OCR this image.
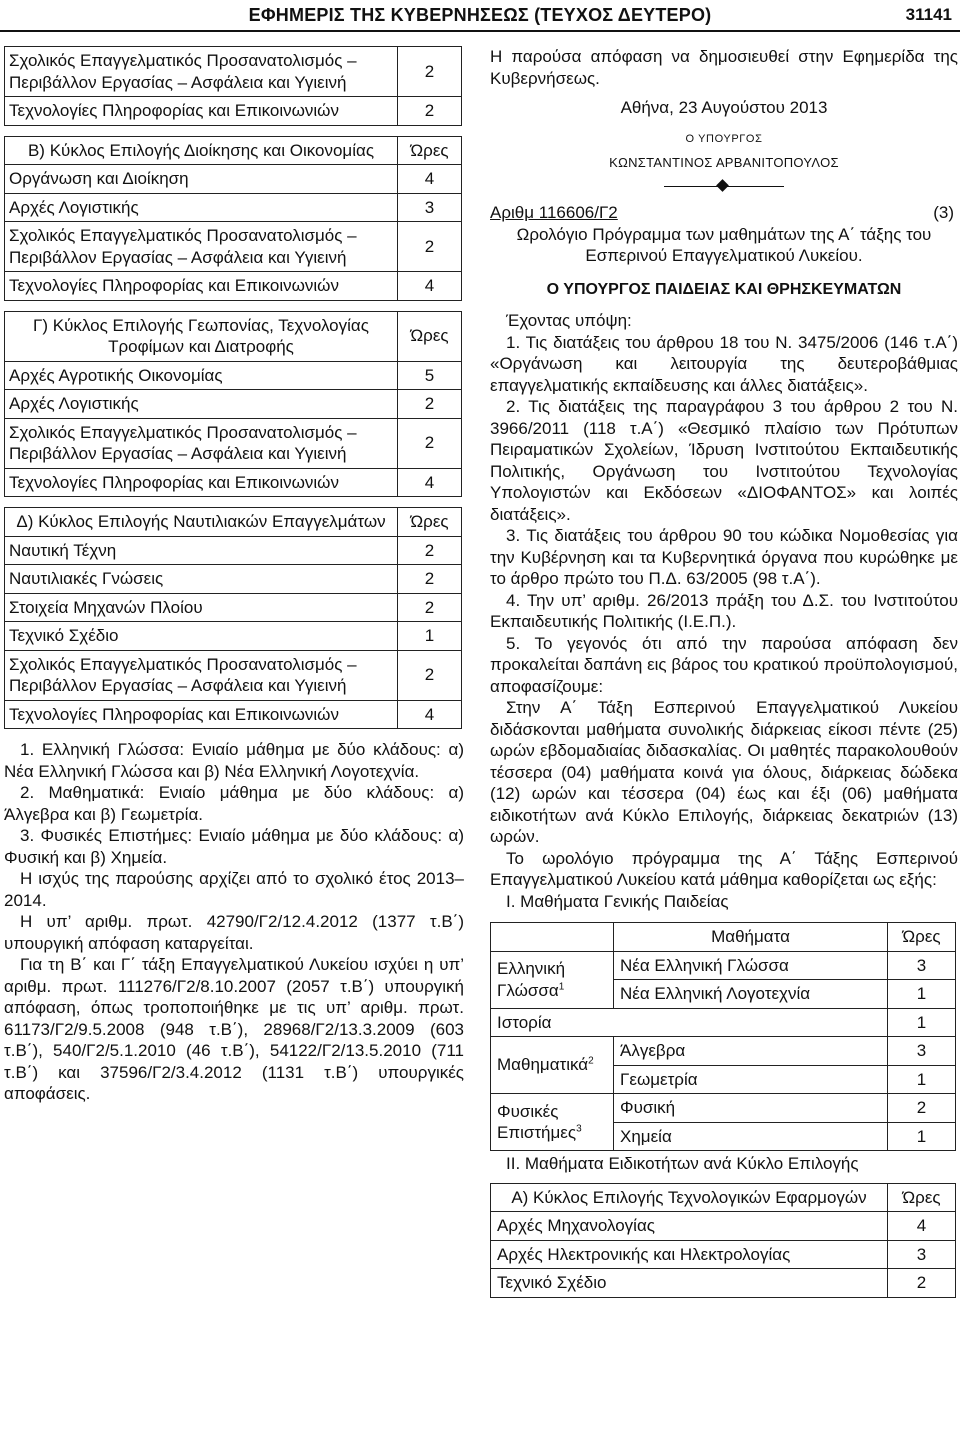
ΕΦΗΜΕΡΙΣ ΤΗΣ ΚΥΒΕΡΝΗΣΕΩΣ (ΤΕΥΧΟΣ ΔΕΥΤΕΡΟ)	31141
Σχολικός Επαγγελματικός Προσανατολισμός – Περιβάλλον Εργασίας – Ασφάλεια και Υγιεινή	2
Τεχνολογίες Πληροφορίας και Επικοινωνιών	2
Β) Κύκλος Επιλογής Διοίκησης και Οικονομίας	Ώρες
Οργάνωση και Διοίκηση	4
Αρχές Λογιστικής	3
Σχολικός Επαγγελματικός Προσανατολισμός – Περιβάλλον Εργασίας – Ασφάλεια και Υγιεινή	2
Τεχνολογίες Πληροφορίας και Επικοινωνιών	4
Γ) Κύκλος Επιλογής Γεωπονίας, Τεχνολογίας Τροφίμων και Διατροφής	Ώρες
Αρχές Αγροτικής Οικονομίας	5
Αρχές Λογιστικής	2
Σχολικός Επαγγελματικός Προσανατολισμός – Περιβάλλον Εργασίας – Ασφάλεια και Υγιεινή	2
Τεχνολογίες Πληροφορίας και Επικοινωνιών	4
Δ) Κύκλος Επιλογής Ναυτιλιακών Επαγγελμάτων	Ώρες
Ναυτική Τέχνη	2
Ναυτιλιακές Γνώσεις	2
Στοιχεία Μηχανών Πλοίου	2
Τεχνικό Σχέδιο	1
Σχολικός Επαγγελματικός Προσανατολισμός – Περιβάλλον Εργασίας – Ασφάλεια και Υγιεινή	2
Τεχνολογίες Πληροφορίας και Επικοινωνιών	4

1. Ελληνική Γλώσσα: Ενιαίο μάθημα με δύο κλάδους: α) Νέα Ελληνική Γλώσσα και β) Νέα Ελληνική Λογοτεχνία.

2. Μαθηματικά: Ενιαίο μάθημα με δύο κλάδους: α) Άλγεβρα και β) Γεωμετρία.

3. Φυσικές Επιστήμες: Ενιαίο μάθημα με δύο κλάδους: α) Φυσική και β) Χημεία.

Η ισχύς της παρούσης αρχίζει από το σχολικό έτος 2013–2014.

Η υπ’ αριθμ. πρωτ. 42790/Γ2/12.4.2012 (1377 τ.Β΄) υπουργική απόφαση καταργείται.

Για τη Β΄ και Γ΄ τάξη Επαγγελματικού Λυκείου ισχύει η υπ’ αριθμ. πρωτ. 111276/Γ2/8.10.2007 (2057 τ.Β΄) υπουργική απόφαση, όπως τροποποιήθηκε με τις υπ’ αριθμ. πρωτ. 61173/Γ2/9.5.2008 (948 τ.Β΄), 28968/Γ2/13.3.2009 (603 τ.Β΄), 540/Γ2/5.1.2010 (46 τ.Β΄), 54122/Γ2/13.5.2010 (711 τ.Β΄) και 37596/Γ2/3.4.2012 (1131 τ.Β΄) υπουργικές αποφάσεις.

Η παρούσα απόφαση να δημοσιευθεί στην Εφημερίδα της Κυβερνήσεως.

Αθήνα, 23 Αυγούστου 2013

Ο ΥΠΟΥΡΓΟΣ

ΚΩΝΣΤΑΝΤΙΝΟΣ ΑΡΒΑΝΙΤΟΠΟΥΛΟΣ

Αριθμ 116606/Γ2	(3)

Ωρολόγιο Πρόγραμμα των μαθημάτων της Α΄ τάξης του Εσπερινού Επαγγελματικού Λυκείου.

Ο ΥΠΟΥΡΓΟΣ ΠΑΙΔΕΙΑΣ ΚΑΙ ΘΡΗΣΚΕΥΜΑΤΩΝ

Έχοντας υπόψη:

1. Τις διατάξεις του άρθρου 18 του Ν. 3475/2006 (146 τ.Α΄) «Οργάνωση και λειτουργία της δευτεροβάθμιας επαγγελματικής εκπαίδευσης και άλλες διατάξεις».

2. Τις διατάξεις της παραγράφου 3 του άρθρου 2 του Ν. 3966/2011 (118 τ.Α΄) «Θεσμικό πλαίσιο των Πρότυπων Πειραματικών Σχολείων, Ίδρυση Ινστιτούτου Εκπαιδευτικής Πολιτικής, Οργάνωση του Ινστιτούτου Τεχνολογίας Υπολογιστών και Εκδόσεων «ΔΙΟΦΑΝΤΟΣ» και λοιπές διατάξεις».

3. Τις διατάξεις του άρθρου 90 του κώδικα Νομοθεσίας για την Κυβέρνηση και τα Κυβερνητικά όργανα που κυρώθηκε με το άρθρο πρώτο του Π.Δ. 63/2005 (98 τ.Α΄).

4. Την υπ’ αριθμ. 26/2013 πράξη του Δ.Σ. του Ινστιτούτου Εκπαιδευτικής Πολιτικής (Ι.Ε.Π.).

5. Το γεγονός ότι από την παρούσα απόφαση δεν προκαλείται δαπάνη εις βάρος του κρατικού προϋπολογισμού, αποφασίζουμε:

Στην Α΄ Τάξη Εσπερινού Επαγγελματικού Λυκείου διδάσκονται μαθήματα συνολικής διάρκειας είκοσι πέντε (25) ωρών εβδομαδιαίας διδασκαλίας. Οι μαθητές παρακολουθούν τέσσερα (04) μαθήματα κοινά για όλους, διάρκειας δώδεκα (12) ωρών και τέσσερα (04) έως και έξι (06) μαθήματα ειδικοτήτων ανά Κύκλο Επιλογής, διάρκειας δεκατριών (13) ωρών.

Το ωρολόγιο πρόγραμμα της Α΄ Τάξης Εσπερινού Επαγγελματικού Λυκείου κατά μάθημα καθορίζεται ως εξής:

Ι. Μαθήματα Γενικής Παιδείας

	Μαθήματα	Ώρες
Ελληνική Γλώσσα$^1$	Νέα Ελληνική Γλώσσα	3
	Νέα Ελληνική Λογοτεχνία	1
Ιστορία		1
Μαθηματικά$^2$	Άλγεβρα	3
	Γεωμετρία	1
Φυσικές Επιστήμες$^3$	Φυσική	2
	Χημεία	1

ΙΙ. Μαθήματα Ειδικοτήτων ανά Κύκλο Επιλογής

Α) Κύκλος Επιλογής Τεχνολογικών Εφαρμογών	Ώρες
Αρχές Μηχανολογίας	4
Αρχές Ηλεκτρονικής και Ηλεκτρολογίας	3
Τεχνικό Σχέδιο	2
